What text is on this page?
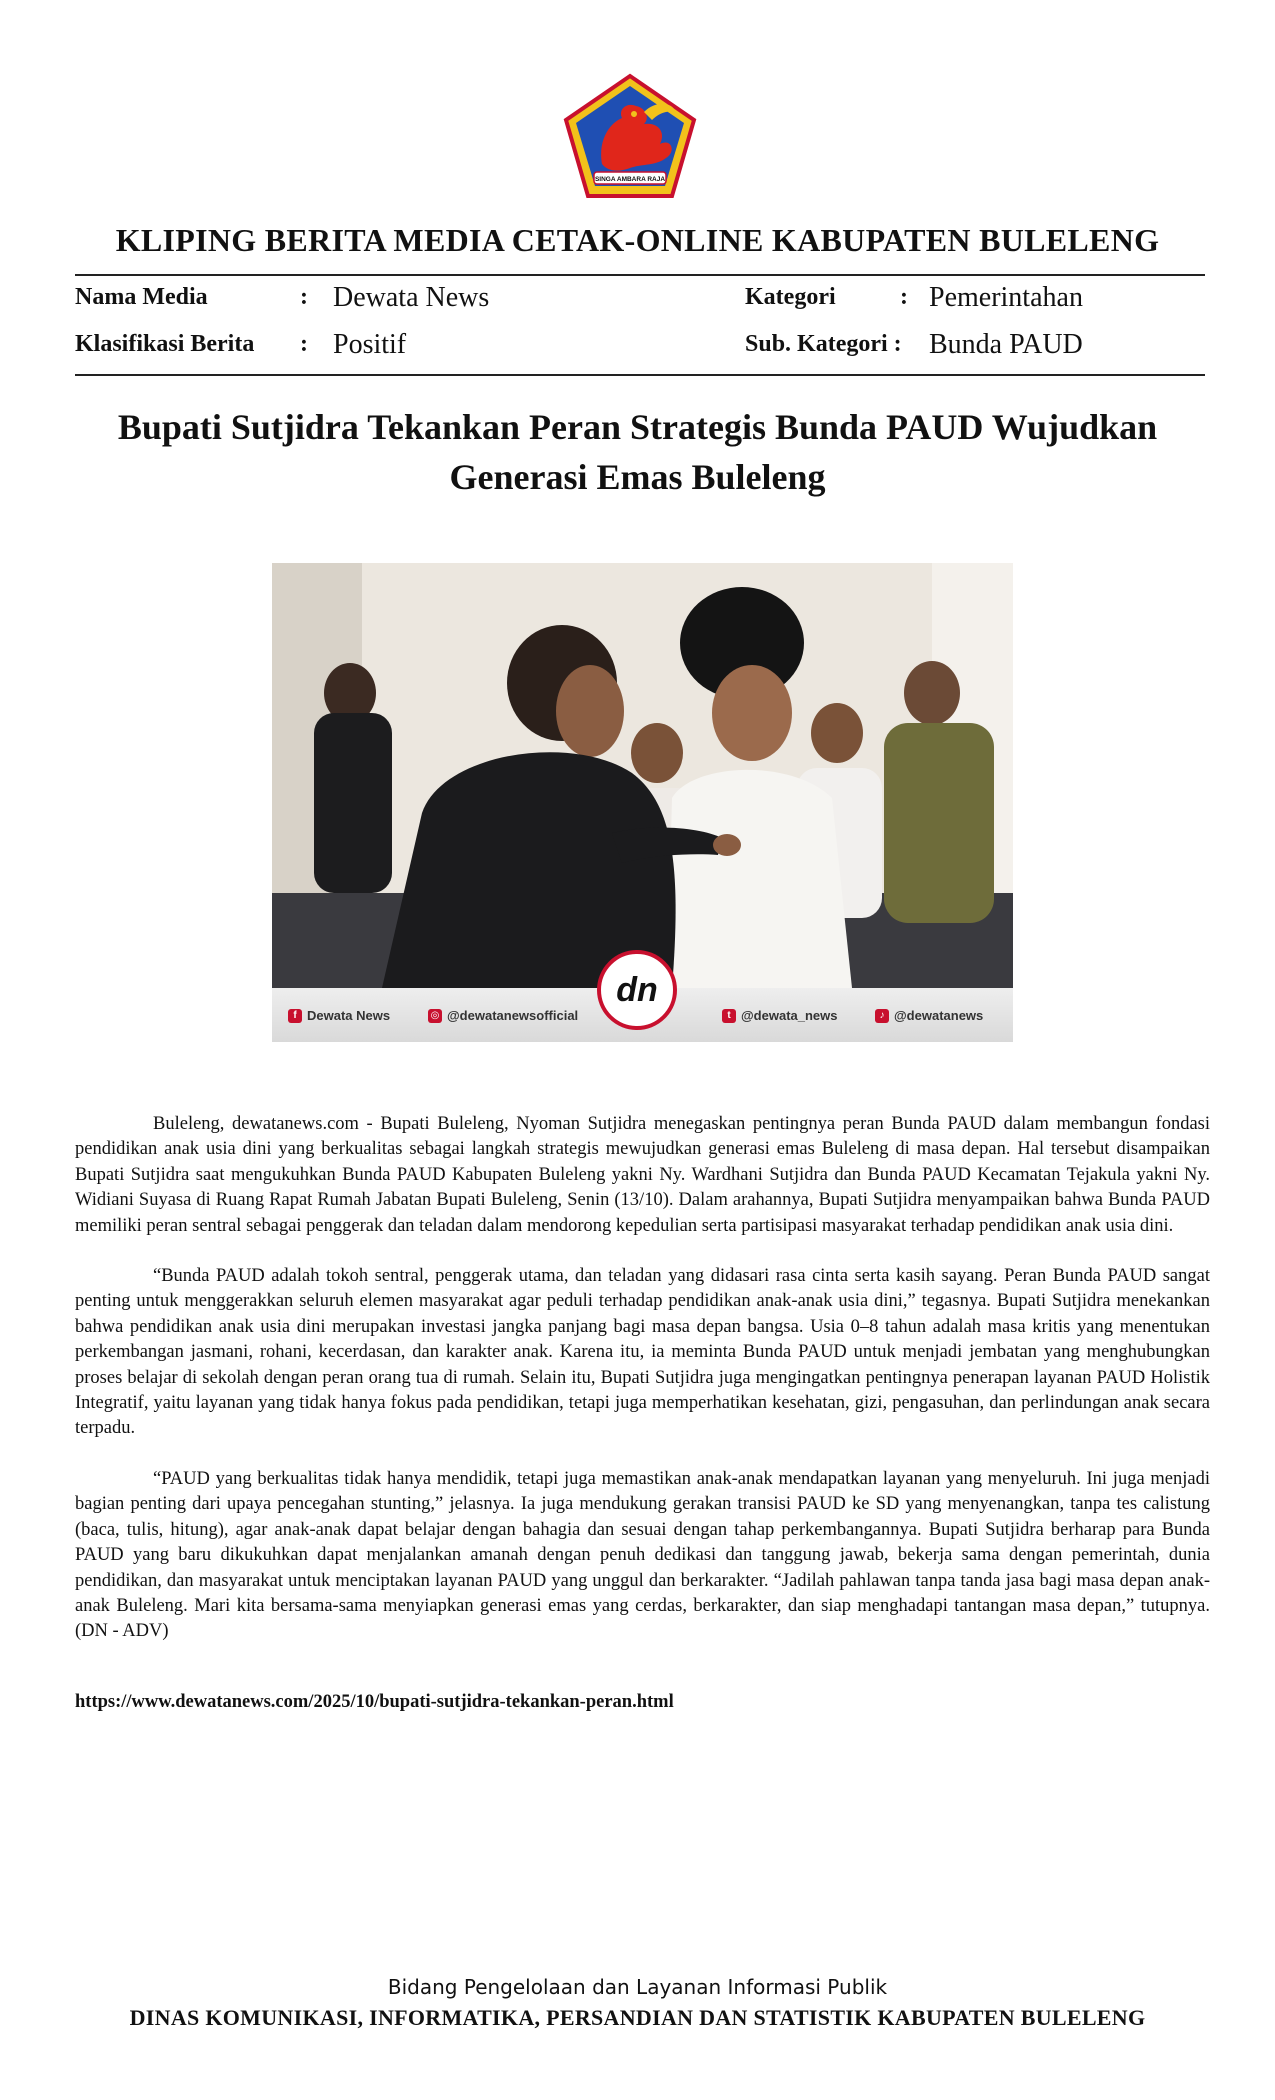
SINGA AMBARA RAJA
KLIPING BERITA MEDIA CETAK-ONLINE KABUPATEN BULELENG
Nama Media	: Dewata News	Kategori	: Pemerintahan
Klasifikasi Berita : Positif	Sub. Kategori : Bunda PAUD
Bupati Sutjidra Tekankan Peran Strategis Bunda PAUD Wujudkan
Generasi Emas Buleleng
dn
f Dewata News	◎ @dewatanewsofficial	t @dewata_news	♪ @dewatanews

Buleleng, dewatanews.com - Bupati Buleleng, Nyoman Sutjidra menegaskan pentingnya peran Bunda PAUD dalam membangun fondasi pendidikan anak usia dini yang berkualitas sebagai langkah strategis mewujudkan generasi emas Buleleng di masa depan. Hal tersebut disampaikan Bupati Sutjidra saat mengukuhkan Bunda PAUD Kabupaten Buleleng yakni Ny. Wardhani Sutjidra dan Bunda PAUD Kecamatan Tejakula yakni Ny. Widiani Suyasa di Ruang Rapat Rumah Jabatan Bupati Buleleng, Senin (13/10). Dalam arahannya, Bupati Sutjidra menyampaikan bahwa Bunda PAUD memiliki peran sentral sebagai penggerak dan teladan dalam mendorong kepedulian serta partisipasi masyarakat terhadap pendidikan anak usia dini.

“Bunda PAUD adalah tokoh sentral, penggerak utama, dan teladan yang didasari rasa cinta serta kasih sayang. Peran Bunda PAUD sangat penting untuk menggerakkan seluruh elemen masyarakat agar peduli terhadap pendidikan anak-anak usia dini,” tegasnya. Bupati Sutjidra menekankan bahwa pendidikan anak usia dini merupakan investasi jangka panjang bagi masa depan bangsa. Usia 0–8 tahun adalah masa kritis yang menentukan perkembangan jasmani, rohani, kecerdasan, dan karakter anak. Karena itu, ia meminta Bunda PAUD untuk menjadi jembatan yang menghubungkan proses belajar di sekolah dengan peran orang tua di rumah. Selain itu, Bupati Sutjidra juga mengingatkan pentingnya penerapan layanan PAUD Holistik Integratif, yaitu layanan yang tidak hanya fokus pada pendidikan, tetapi juga memperhatikan kesehatan, gizi, pengasuhan, dan perlindungan anak secara terpadu.

“PAUD yang berkualitas tidak hanya mendidik, tetapi juga memastikan anak-anak mendapatkan layanan yang menyeluruh. Ini juga menjadi bagian penting dari upaya pencegahan stunting,” jelasnya. Ia juga mendukung gerakan transisi PAUD ke SD yang menyenangkan, tanpa tes calistung (baca, tulis, hitung), agar anak-anak dapat belajar dengan bahagia dan sesuai dengan tahap perkembangannya. Bupati Sutjidra berharap para Bunda PAUD yang baru dikukuhkan dapat menjalankan amanah dengan penuh dedikasi dan tanggung jawab, bekerja sama dengan pemerintah, dunia pendidikan, dan masyarakat untuk menciptakan layanan PAUD yang unggul dan berkarakter. “Jadilah pahlawan tanpa tanda jasa bagi masa depan anak-anak Buleleng. Mari kita bersama-sama menyiapkan generasi emas yang cerdas, berkarakter, dan siap menghadapi tantangan masa depan,” tutupnya. (DN - ADV)

https://www.dewatanews.com/2025/10/bupati-sutjidra-tekankan-peran.html
Bidang Pengelolaan dan Layanan Informasi Publik
DINAS KOMUNIKASI, INFORMATIKA, PERSANDIAN DAN STATISTIK KABUPATEN BULELENG
